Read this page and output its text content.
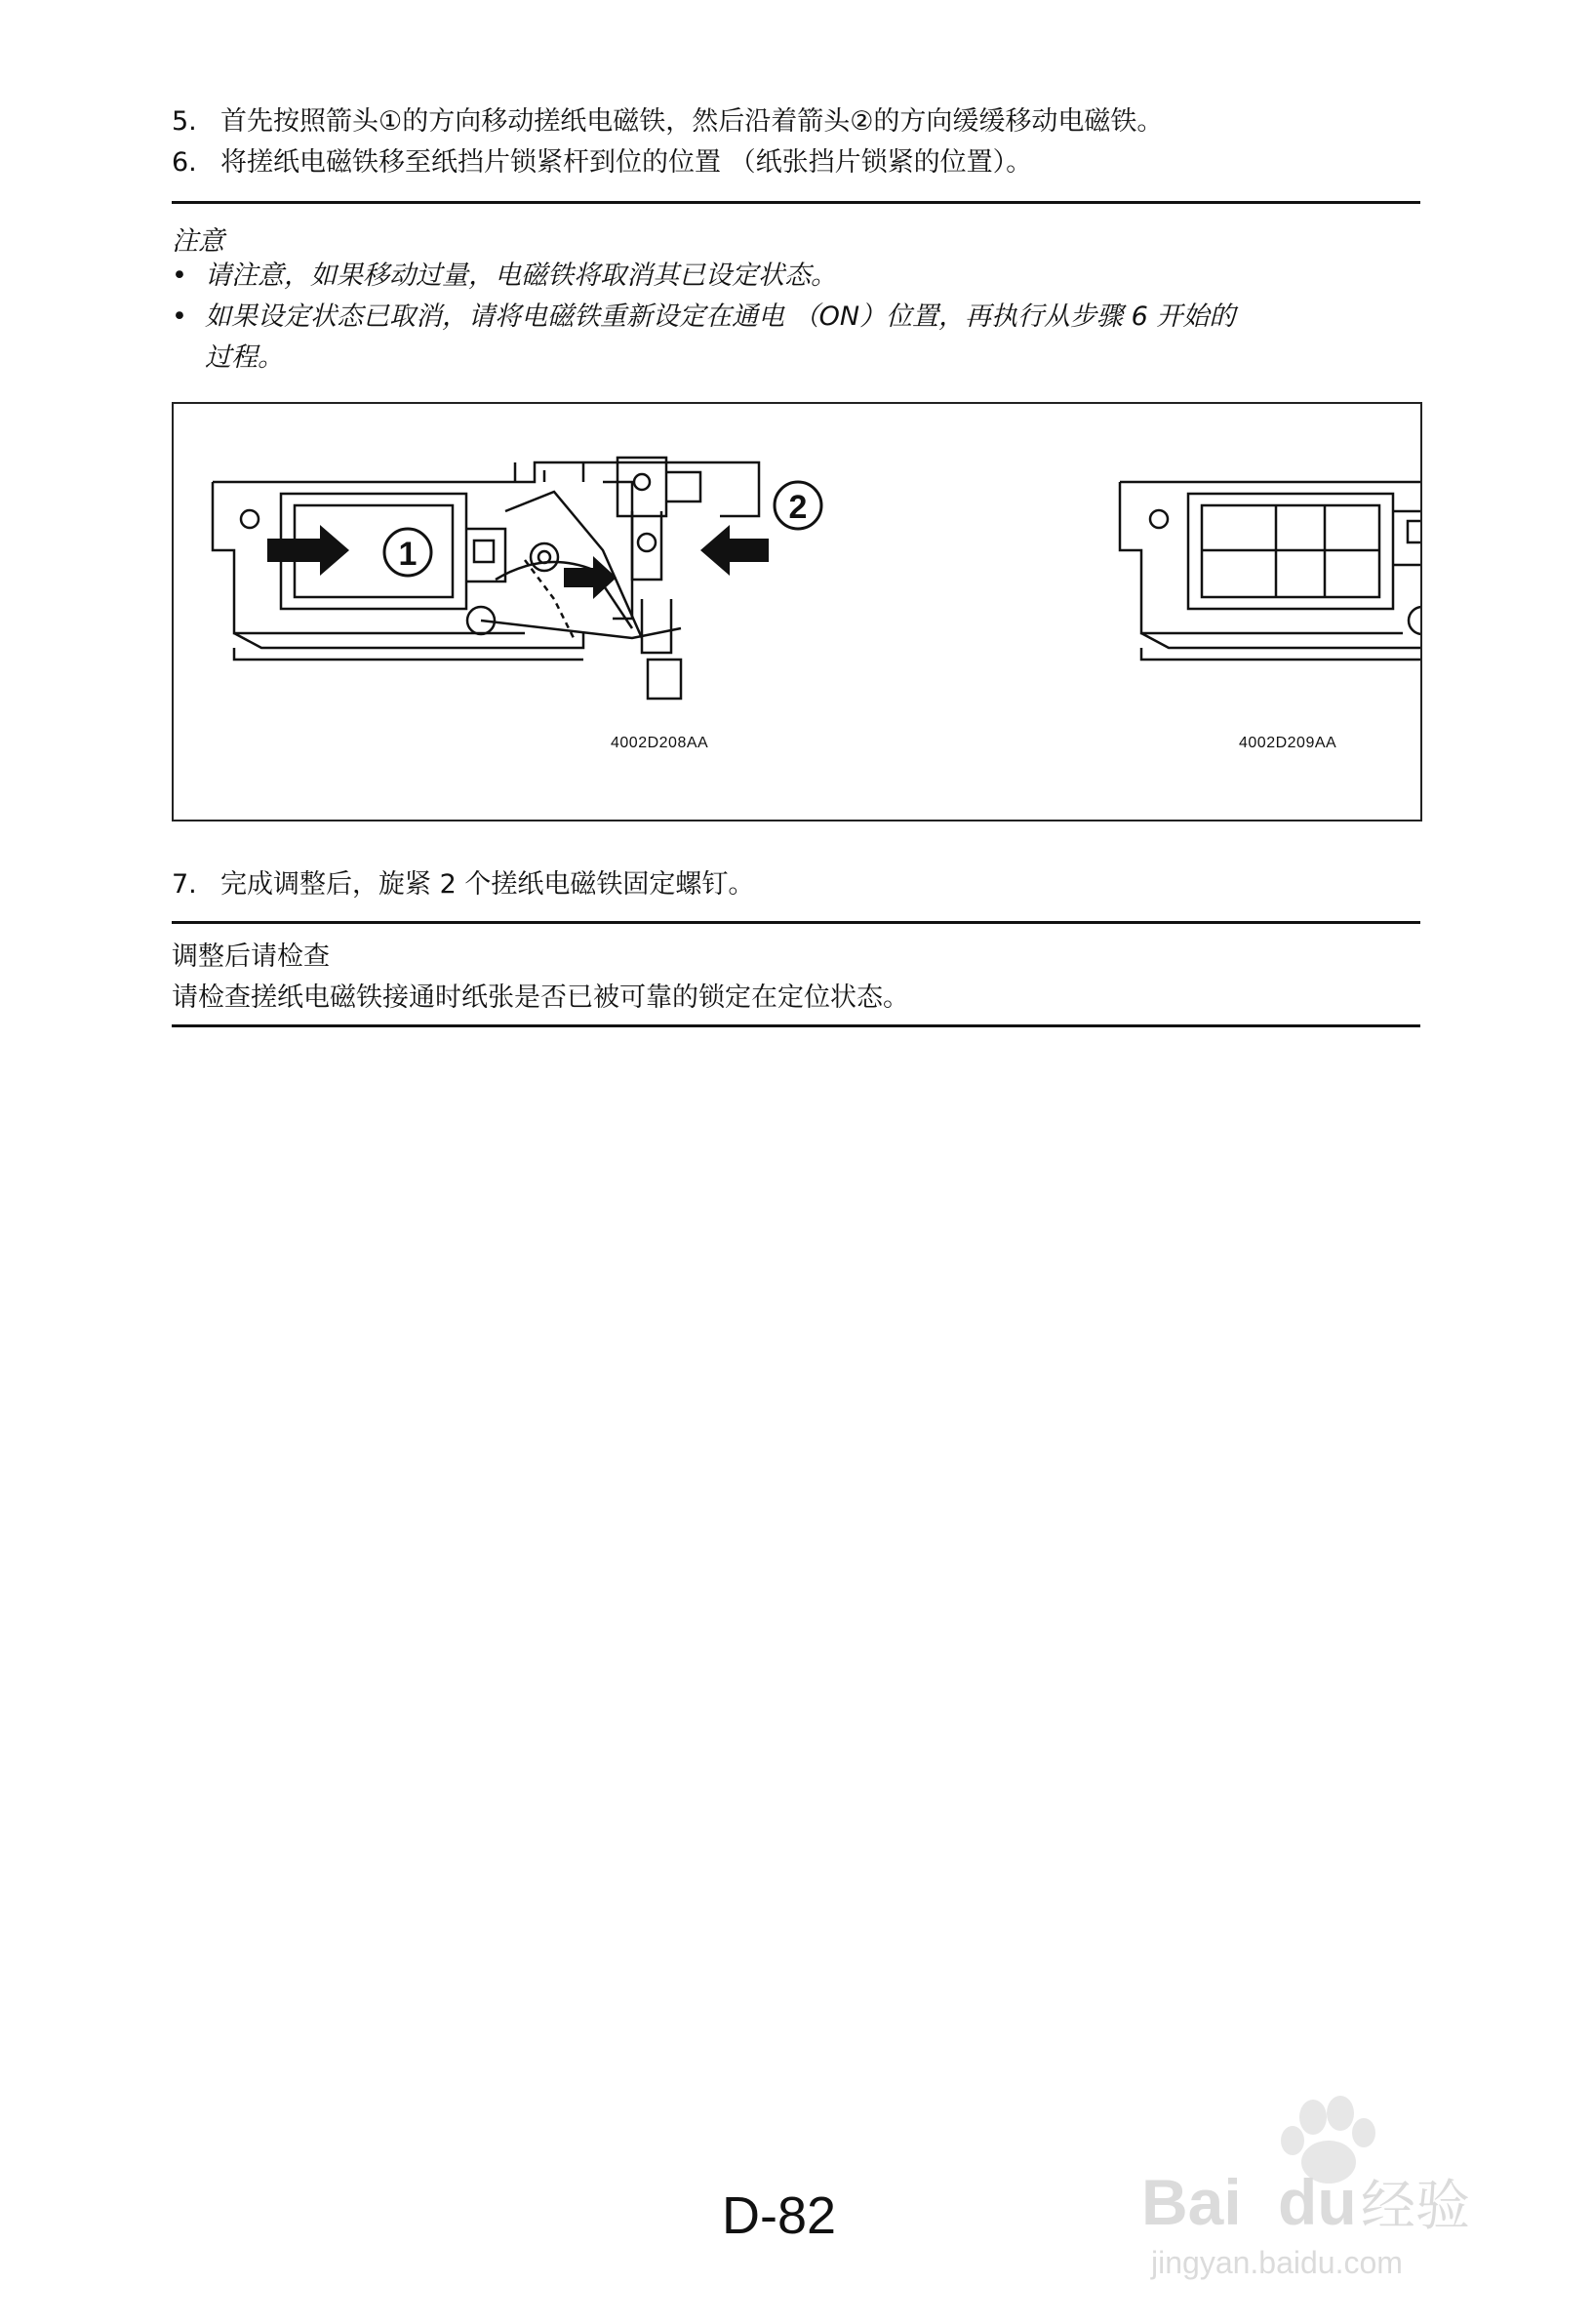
5. 首先按照箭头①的方向移动搓纸电磁铁，然后沿着箭头②的方向缓缓移动电磁铁。
6. 将搓纸电磁铁移至纸挡片锁紧杆到位的位置 （纸张挡片锁紧的位置）。
注意
• 请注意，如果移动过量，电磁铁将取消其已设定状态。
• 如果设定状态已取消，请将电磁铁重新设定在通电 （ON）位置，再执行从步骤 6 开始的
过程。
1
2
4002D208AA	4002D209AA
7. 完成调整后，旋紧 2 个搓纸电磁铁固定螺钉。
调整后请检查
请检查搓纸电磁铁接通时纸张是否已被可靠的锁定在定位状态。
Bai du 经验
jingyan.baidu.com
D-82
